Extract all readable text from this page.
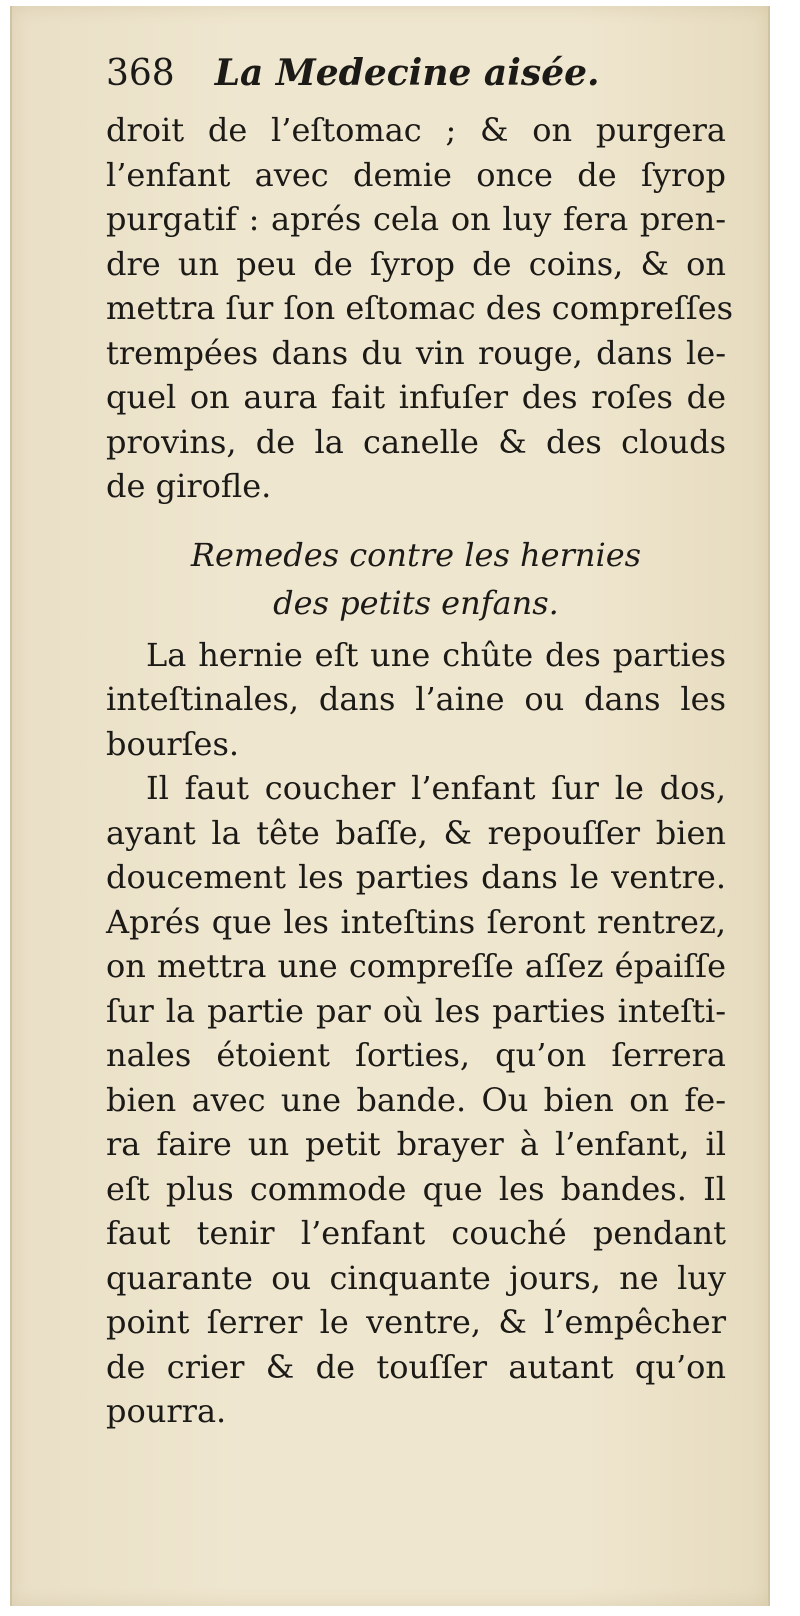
368 La Medecine aisée.
droit de l’eſtomac ; & on purgera
l’enfant avec demie once de ſyrop
purgatif : aprés cela on luy fera pren-
dre un peu de ſyrop de coins, & on
mettra ſur ſon eſtomac des compreſſes
trempées dans du vin rouge, dans le-
quel on aura fait infuſer des roſes de
provins, de la canelle & des clouds
de girofle.
Remedes contre les hernies
des petits enfans.
La hernie eſt une chûte des parties
inteſtinales, dans l’aine ou dans les
bourſes.
Il faut coucher l’enfant ſur le dos,
ayant la tête baſſe, & repouſſer bien
doucement les parties dans le ventre.
Aprés que les inteſtins ſeront rentrez,
on mettra une compreſſe aſſez épaiſſe
ſur la partie par où les parties inteſti-
nales étoient ſorties, qu’on ſerrera
bien avec une bande. Ou bien on fe-
ra faire un petit brayer à l’enfant, il
eſt plus commode que les bandes. Il
faut tenir l’enfant couché pendant
quarante ou cinquante jours, ne luy
point ſerrer le ventre, & l’empêcher
de crier & de touſſer autant qu’on
pourra.
